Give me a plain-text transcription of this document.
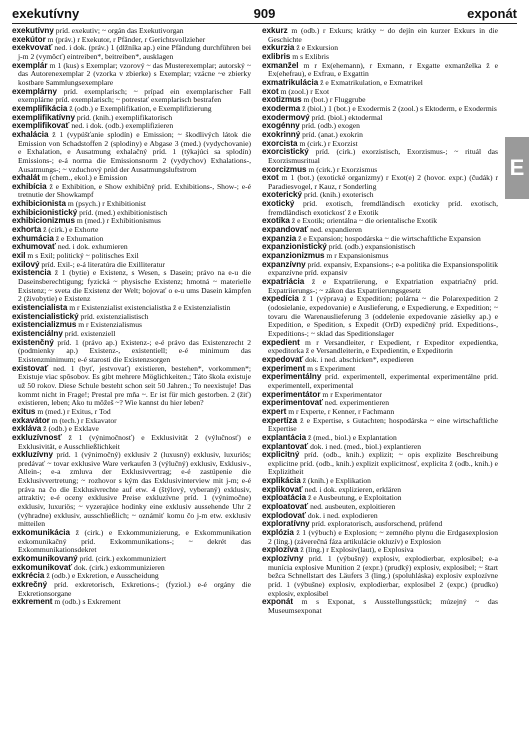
exekutívny	909	exponát

exekutívny príd. exekutiv; ~ orgán das Exekutivorgan

exekútor m (práv.) r Exekutor, r Pfänder, r Gerichtsvollzieher

exekvovať ned. i dok. (práv.) 1 (dlžníka ap.) eine Pfändung durchführen bei j-m 2 (vymôcť) eintreiben*, beitreiben*, ausklagen

exemplár m 1 (kus) s Exemplar; vzorový ~ das Musterexemplar; autorský ~ das Autorenexemplar 2 (vzorka v zbierke) s Exemplar; vzácne ~e zbierky kostbare Sammlungsexemplare

exemplárny príd. exemplarisch; ~ prípad ein exemplarischer Fall exemplárne príd. exemplarisch; ~ potrestať exemplarisch bestrafen

exemplifikácia ž (odb.) e Exemplifikation, e Exemplifizierung

exemplifikatívny príd. (knih.) exemplifikatorisch

exemplifikovať ned. i dok. (odb.) exemplifizieren

exhalácia ž 1 (vypúšťanie splodín) e Emission; ~ škodlivých látok die Emission von Schadstoffen 2 (splodiny) e Abgase 3 (med.) (vydychovanie) e Exhalation, e Ausatmung exhalačný príd. 1 (týkajúci sa splodín) Emissions-; e-á norma die Emissionsnorm 2 (vydychov) Exhalations-, Ausatmungs-; ~ vzduchový prúd der Ausatmungsluftstrom

exhalát m (chem., ekol.) e Emission

exhibícia ž e Exhibition, e Show exhibičný príd. Exhibitions-, Show-; e-é tretnutie der Showkampf

exhibicionista m (psych.) r Exhibitionist

exhibicionistický príd. (med.) exhibitionistisch

exhibicionizmus m (med.) r Exhibitionismus

exhorta ž (cirk.) e Exhorte

exhumácia ž e Exhumation

exhumovať ned. i dok. exhumieren

exil m s Exil; politický ~ politisches Exil

exilový príd. Exil-; e-á literatúra die Exilliteratur

existencia ž 1 (bytie) e Existenz, s Wesen, s Dasein; právo na e-u die Daseinsberechtigung; fyzická ~ physische Existenz; hmotná ~ materielle Existenz; ~ sveta die Existenz der Welt; bojovať o e-u ums Dasein kämpfen 2 (živobytie) e Existenz

existencialista m r Existenzialist existencialistka ž e Existenzialistin

existencialistický príd. existenzialistisch

existencializmus m r Existenzialismus

existenciálny príd. existenziell

existenčný príd. 1 (právo ap.) Existenz-; e-é právo das Existenzrecht 2 (podmienky ap.) Existenz-, existentiell; e-é minimum das Existenzminimum; e-é starosti die Existenzsorgen

existovať ned. 1 (byť, jestvovať) existieren, bestehen*, vorkommen*; Existuje viac spôsobov. Es gibt mehrere Möglichkeiten.; Táto škola existuje už 50 rokov. Diese Schule besteht schon seit 50 Jahren.; To neexistuje! Das kommt nicht in Frage!; Prestal pre mňa ~. Er ist für mich gestorben. 2 (žiť) existieren, leben; Ako tu môžeš ~? Wie kannst du hier leben?

exitus m (med.) r Exitus, r Tod

exkavátor m (tech.) r Exkavator

exkláva ž (odb.) e Exklave

exkluzívnosť ž 1 (výnimočnosť) e Exklusivität 2 (výlučnosť) e Exklusivität, e Ausschließlichkeit

exkluzívny príd. 1 (výnimočný) exklusiv 2 (luxusný) exklusiv, luxuriös; predávať ~ tovar exklusive Ware verkaufen 3 (výlučný) exklusiv, Exklusiv-, Allein-; e-a zmluva der Exklusivvertrag; e-é zastúpenie die Exklusivvertretung; ~ rozhovor s kým das Exklusivinterview mit j-m; e-é práva na čo die Exklusivrechte auf etw. 4 (štýlový, vyberaný) exklusiv, attraktiv; e-é oceny exklusive Preise exkluzívne príd. 1 (výnimočne) exklusiv, luxuriös; ~ vyzerajúce hodinky eine exklusiv aussehende Uhr 2 (výhradne) exklusiv, ausschließlich; ~ oznámiť komu čo j-m etw. exklusiv mitteilen

exkomunikácia ž (cirk.) e Exkommunizierung, e Exkommunikation exkomunikačný príd. Exkommunikations-; ~ dekrét das Exkommunikationsdekret

exkomunikovaný príd. (cirk.) exkommuniziert

exkomunikovať dok. (cirk.) exkommunizieren

exkrécia ž (odb.) e Exkretion, e Ausscheidung

exkrečný príd. exkretorisch, Exkretions-; (fyziol.) e-é orgány die Exkretionsorgane

exkrement m (odb.) s Exkrement

exkurz m (odb.) r Exkurs; krátky ~ do dejín ein kurzer Exkurs in die Geschichte

exkurzia ž e Exkursion

exlibris m s Exlibris

exmanžel m r Ex(ehemann), r Exmann, r Exgatte exmanželka ž e Ex(ehefrau), e Exfrau, e Exgattin

exmatrikulácia ž e Exmatrikulation, e Exmatrikel

exot m (zool.) r Exot

exotizmus m (bot.) r Fluggrube

exoderma ž (biol.) 1 (bot.) e Exodermis 2 (zool.) s Ektoderm, e Exodermis

exodermový príd. (biol.) ektodermal

exogénny príd. (odb.) exogen

exokrinný príd. (anat.) exokrin

exorcista m (cirk.) r Exorzist

exorcistický príd. (cirk.) exorzistisch, Exorzismus-; ~ rituál das Exorzismusritual

exorcizmus m (cirk.) r Exorzismus

exot m 1 (bot.) (exotické organizmy) r Exot(e) 2 (hovor. expr.) (čudák) r Paradiesvogel, r Kauz, r Sonderling

exoterický príd. (knih.) exoterisch

exotický príd. exotisch, fremdländisch exoticky príd. exotisch, fremdländisch exotickosť ž e Exotik

exotika ž e Exotik; orientálna ~ die orientalische Exotik

expandovať ned. expandieren

expanzia ž e Expansion; hospodárska ~ die wirtschaftliche Expansion

expanzionistický príd. (odb.) expansionistisch

expanzionizmus m r Expansionismus

expanzívny príd. expansiv, Expansions-; e-a politika die Expansionspolitik expanzívne príd. expansiv

expatriácia ž e Expatriierung, e Expatriation expatriačný príd. Expatriierungs-; ~ zákon das Expatriierungsgesetz

expedícia ž 1 (výprava) e Expedition; polárna ~ die Polarexpedition 2 (odosielanie, expedovanie) e Auslieferung, e Expedierung, e Expedition; ~ tovaru die Warenauslieferung 3 (oddelenie expedovanie zásielky ap.) e Expedition, e Spedition, s Expedit (OrD) expedičný príd. Expeditions-, Expeditions-; ~ sklad das Speditionslager

expedient m r Versandleiter, r Expedient, r Expeditor expedientka, expeditorka ž e Versandleiterin, e Expedientin, e Expeditorin

expedovať dok. i ned. abschicken*, expedieren

experiment m s Experiment

experimentálny príd. experimentell, experimental experimentálne príd. experimentell, experimental

experimentátor m r Experimentator

experimentovať ned. experimentieren

expert m r Experte, r Kenner, r Fachmann

expertíza ž e Expertise, s Gutachten; hospodárska ~ eine wirtschaftliche Expertise

explantácia ž (med., biol.) e Explantation

explantovať dok. i ned. (med., biol.) explantieren

explicitný príd. (odb., knih.) explizit; ~ opis explizite Beschreibung explicitne príd. (odb., knih.) explizit explicitnosť, explicita ž (odb., knih.) e Explizitheit

explikácia ž (knih.) e Explikation

explikovať ned. i dok. explizieren, erklären

exploatácia ž e Ausbeutung, e Exploitation

exploatovať ned. ausbeuten, exploitieren

explodovať dok. i ned. explodieren

exploratívny príd. exploratorisch, ausforschend, prüfend

explózia ž 1 (výbuch) e Explosion; ~ zemného plynu die Erdgasexplosion 2 (ling.) (záverečná fáza artikulácie okluzív) e Explosion

explozíva ž (ling.) r Explosiv(laut), e Explosiva

explozívny príd. 1 (výbušný) explosiv, explodierbar, explosibel; e-a munícia explosive Munition 2 (expr.) (prudký) explosiv, explosibel; ~ štart bežca Schnellstart des Läufers 3 (ling.) (spoluhláska) explosiv explozívne príd. 1 (výbušne) explosiv, explodierbar, explosibel 2 (expr.) (prudko) explosiv, explosibel

exponát m s Exponat, s Ausstellungsstück; múzejný ~ das Museumsexponat

E
